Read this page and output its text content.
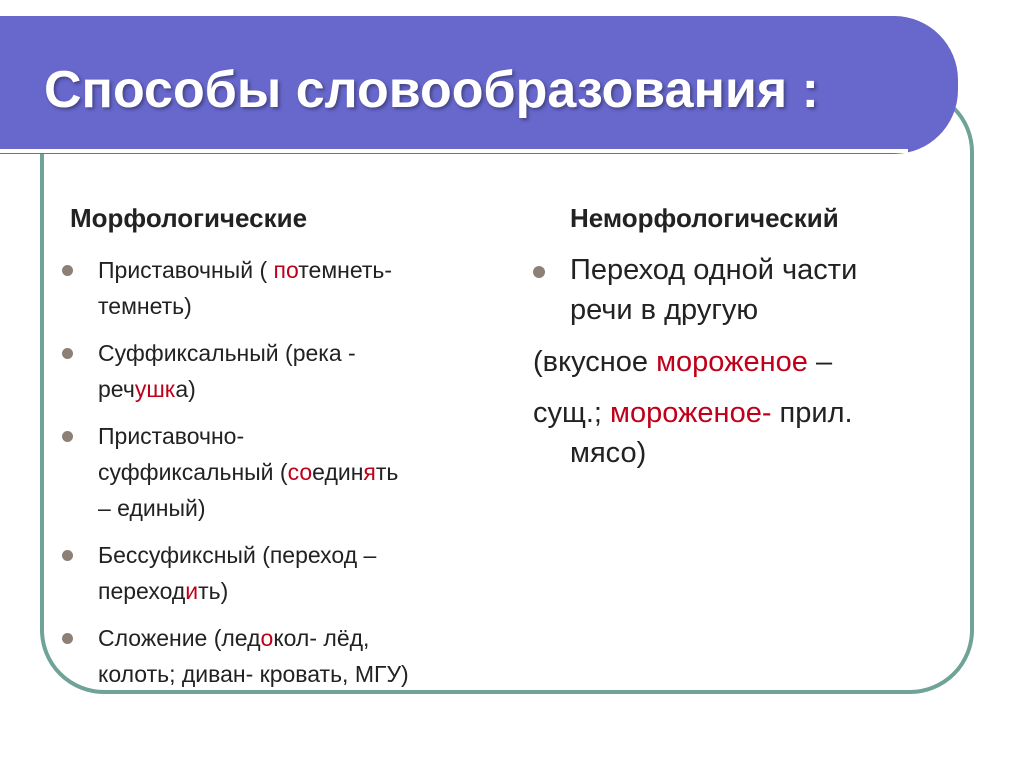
Способы словообразования :
Морфологические	Неморфологический
Приставочный ( потемнеть-
темнеть)
Суффиксальный (река -
речушка)
Приставочно-
суффиксальный (соединять
– единый)
Бессуфиксный (переход –
переходить)
Сложение (ледокол- лёд,
колоть; диван- кровать, МГУ)
Переход одной части
речи в другую
(вкусное мороженое –
сущ.; мороженое- прил.
мясо)
